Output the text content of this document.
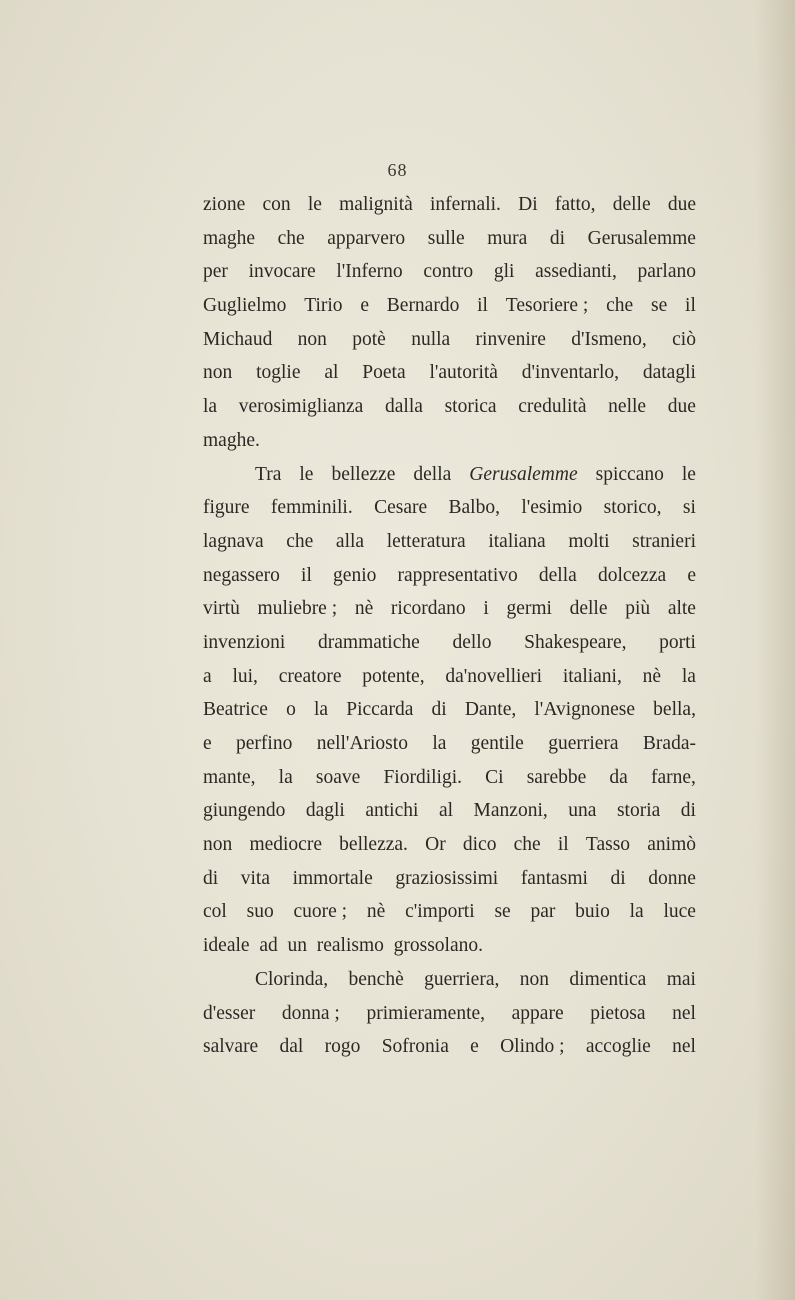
68
zione con le malignità infernali. Di fatto, delle due
maghe che apparvero sulle mura di Gerusalemme
per invocare l'Inferno contro gli assedianti, parlano
Guglielmo Tirio e Bernardo il Tesoriere ; che se il
Michaud non potè nulla rinvenire d'Ismeno, ciò
non toglie al Poeta l'autorità d'inventarlo, datagli
la verosimiglianza dalla storica credulità nelle due
maghe.
Tra le bellezze della Gerusalemme spiccano le
figure femminili. Cesare Balbo, l'esimio storico, si
lagnava che alla letteratura italiana molti stranieri
negassero il genio rappresentativo della dolcezza e
virtù muliebre ; nè ricordano i germi delle più alte
invenzioni drammatiche dello Shakespeare, porti
a lui, creatore potente, da'novellieri italiani, nè la
Beatrice o la Piccarda di Dante, l'Avignonese bella,
e perfino nell'Ariosto la gentile guerriera Brada-
mante, la soave Fiordiligi. Ci sarebbe da farne,
giungendo dagli antichi al Manzoni, una storia di
non mediocre bellezza. Or dico che il Tasso animò
di vita immortale graziosissimi fantasmi di donne
col suo cuore ; nè c'importi se par buio la luce
ideale ad un realismo grossolano.
Clorinda, benchè guerriera, non dimentica mai
d'esser donna ; primieramente, appare pietosa nel
salvare dal rogo Sofronia e Olindo ; accoglie nel
